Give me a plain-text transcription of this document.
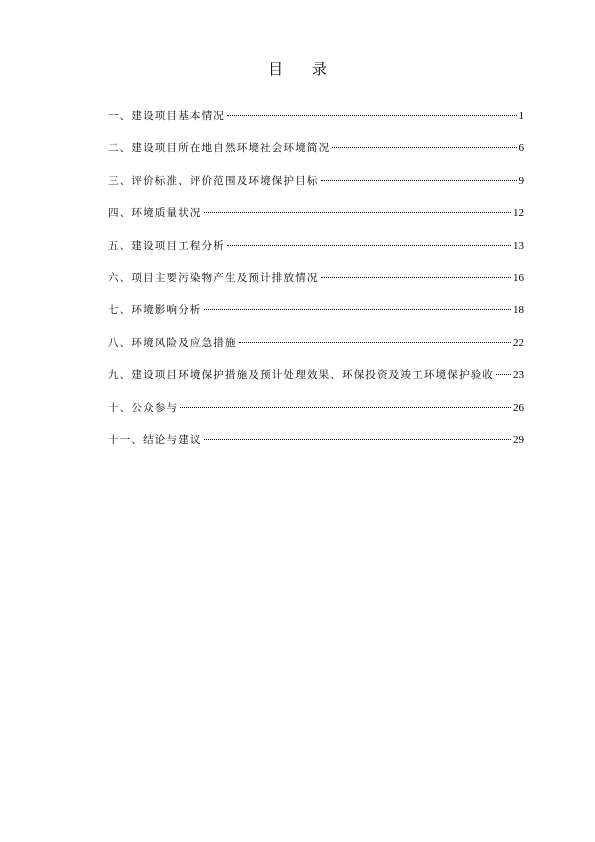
目 录
一、建设项目基本情况	1
二、建设项目所在地自然环境社会环境简况	6
三、评价标准、评价范围及环境保护目标	9
四、环境质量状况	12
五、建设项目工程分析	13
六、项目主要污染物产生及预计排放情况	16
七、环境影响分析	18
八、环境风险及应急措施	22
九、建设项目环境保护措施及预计处理效果、环保投资及竣工环境保护验收 23
十、公众参与	26
十一、结论与建议	29
